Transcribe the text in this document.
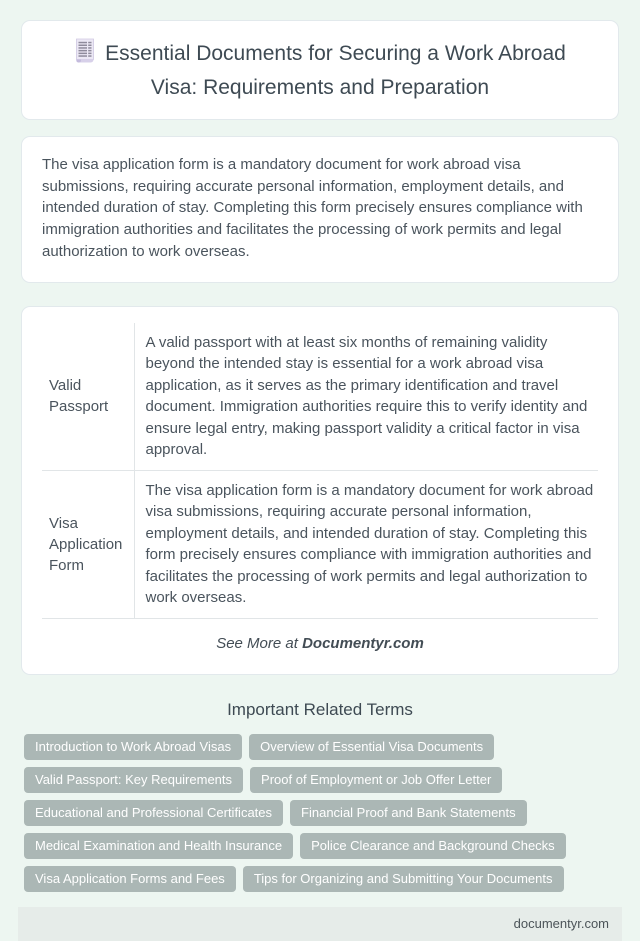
Essential Documents for Securing a Work Abroad Visa: Requirements and Preparation

The visa application form is a mandatory document for work abroad visa submissions, requiring accurate personal information, employment details, and intended duration of stay. Completing this form precisely ensures compliance with immigration authorities and facilitates the processing of work permits and legal authorization to work overseas.

Valid Passport	A valid passport with at least six months of remaining validity beyond the intended stay is essential for a work abroad visa application, as it serves as the primary identification and travel document. Immigration authorities require this to verify identity and ensure legal entry, making passport validity a critical factor in visa approval.
Visa Application Form	The visa application form is a mandatory document for work abroad visa submissions, requiring accurate personal information, employment details, and intended duration of stay. Completing this form precisely ensures compliance with immigration authorities and facilitates the processing of work permits and legal authorization to work overseas.

See More at Documentyr.com

Important Related Terms
Introduction to Work Abroad Visas	Overview of Essential Visa Documents
Valid Passport: Key Requirements	Proof of Employment or Job Offer Letter
Educational and Professional Certificates	Financial Proof and Bank Statements
Medical Examination and Health Insurance	Police Clearance and Background Checks
Visa Application Forms and Fees	Tips for Organizing and Submitting Your Documents
documentyr.com
